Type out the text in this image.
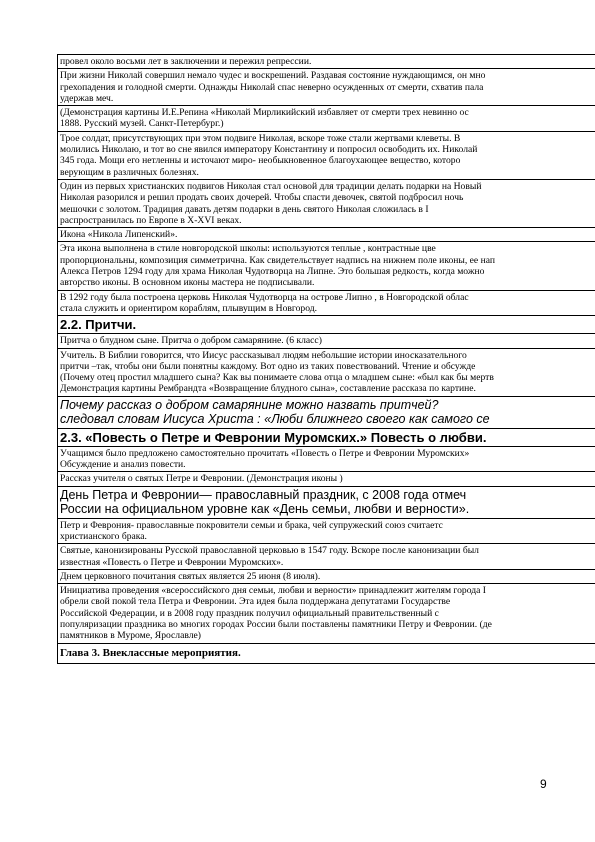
провел около восьми лет в заключении и пережил репрессии.
При жизни Николай совершил немало чудес и воскрешений. Раздавая состояние нуждающимся, он мно
грехопадения и голодной смерти. Однажды Николай спас неверно осужденных от смерти, схватив пала
удержав меч.
(Демонстрация картины И.Е.Репина «Николай Мирликийский избавляет от смерти трех невинно ос
1888. Русский музей. Санкт-Петербург.)
Трое солдат, присутствующих при этом подвиге Николая, вскоре тоже стали жертвами клеветы. В
молились Николаю, и тот во сне явился императору Константину и попросил освободить их. Николай
345 года. Мощи его нетленны и источают миро- необыкновенное благоухающее вещество, которо
верующим в различных болезнях.
Один из первых христианских подвигов Николая стал основой для традиции делать подарки на Новый
Николая разорился и решил продать своих дочерей. Чтобы спасти девочек, святой подбросил ночь
мешочки с золотом. Традиция давать детям подарки в день святого Николая сложилась в I
распространилась по Европе в X-XVI веках.
Икона «Никола Липенский».
Эта икона выполнена в стиле новгородской школы: используются теплые , контрастные цве
пропорциональны, композиция симметрична. Как свидетельствует надпись на нижнем поле иконы, ее нап
Алекса Петров 1294 году для храма Николая Чудотворца на Липне. Это большая редкость, когда можно
авторство иконы. В основном иконы мастера не подписывали.
В 1292 году была построена церковь Николая Чудотворца на острове Липно , в Новгородской облас
стала служить и ориентиром кораблям, плывущим в Новгород.
2.2. Притчи.
Притча о блудном сыне. Притча о добром самарянине. (6 класс)
Учитель. В Библии говорится, что Иисус рассказывал людям небольшие истории иносказательного
притчи –так, чтобы они были понятны каждому. Вот одно из таких повествований. Чтение и обсужде
(Почему отец простил младшего сына? Как вы понимаете слова отца о младшем сыне: «был как бы мертв
Демонстрация картины Рембрандта «Возвращение блудного сына», составление рассказа по картине.
Почему рассказ о добром самарянине можно назвать притчей?
следовал словам Иисуса Христа : «Люби ближнего своего как самого се
2.3. «Повесть о Петре и Февронии Муромских.» Повесть о любви.
Учащимся было предложено самостоятельно прочитать «Повесть о Петре и Февронии Муромских»
Обсуждение и анализ повести.
Рассказ учителя о святых Петре и Февронии. (Демонстрация иконы )
День Петра и Февронии— православный праздник, с 2008 года отмеч
России на официальном уровне как «День семьи, любви и верности».
Петр и Феврония- православные покровители семьи и брака, чей супружеский союз считаетс
христианского брака.
Святые, канонизированы Русской православной церковью в 1547 году. Вскоре после канонизации был
известная «Повесть о Петре и Февронии Муромских».
Днем церковного почитания святых является 25 июня (8 июля).
Инициатива проведения «всероссийского дня семьи, любви и верности» принадлежит жителям города I
обрели свой покой тела Петра и Февронии. Эта идея была поддержана депутатами Государстве
Российской Федерации, и в 2008 году праздник получил официальный правительственный с
популяризации праздника во многих городах России были поставлены памятники Петру и Февронии. (де
памятников в Муроме, Ярославле)
Глава 3. Внеклассные мероприятия.
9
